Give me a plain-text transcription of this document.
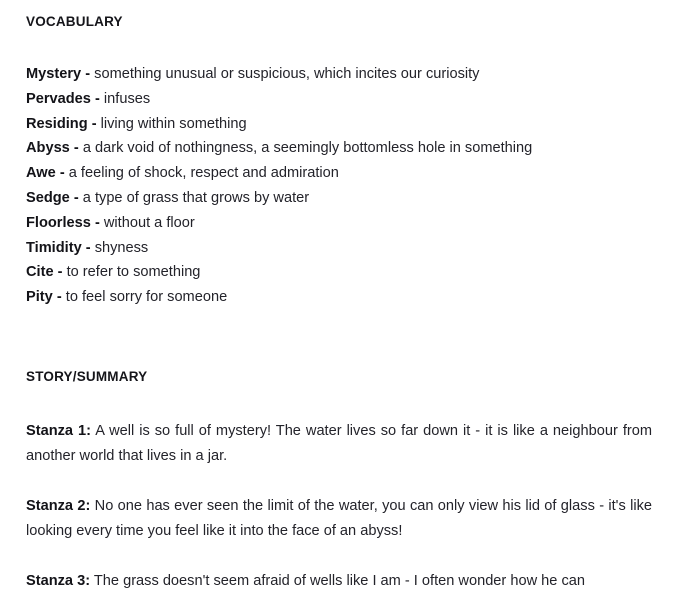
VOCABULARY
Mystery - something unusual or suspicious, which incites our curiosity
Pervades - infuses
Residing - living within something
Abyss - a dark void of nothingness, a seemingly bottomless hole in something
Awe - a feeling of shock, respect and admiration
Sedge - a type of grass that grows by water
Floorless - without a floor
Timidity - shyness
Cite - to refer to something
Pity - to feel sorry for someone
STORY/SUMMARY

Stanza 1: A well is so full of mystery! The water lives so far down it - it is like a neighbour from another world that lives in a jar.

Stanza 2: No one has ever seen the limit of the water, you can only view his lid of glass - it's like looking every time you feel like it into the face of an abyss!

Stanza 3: The grass doesn't seem afraid of wells like I am - I often wonder how he can
